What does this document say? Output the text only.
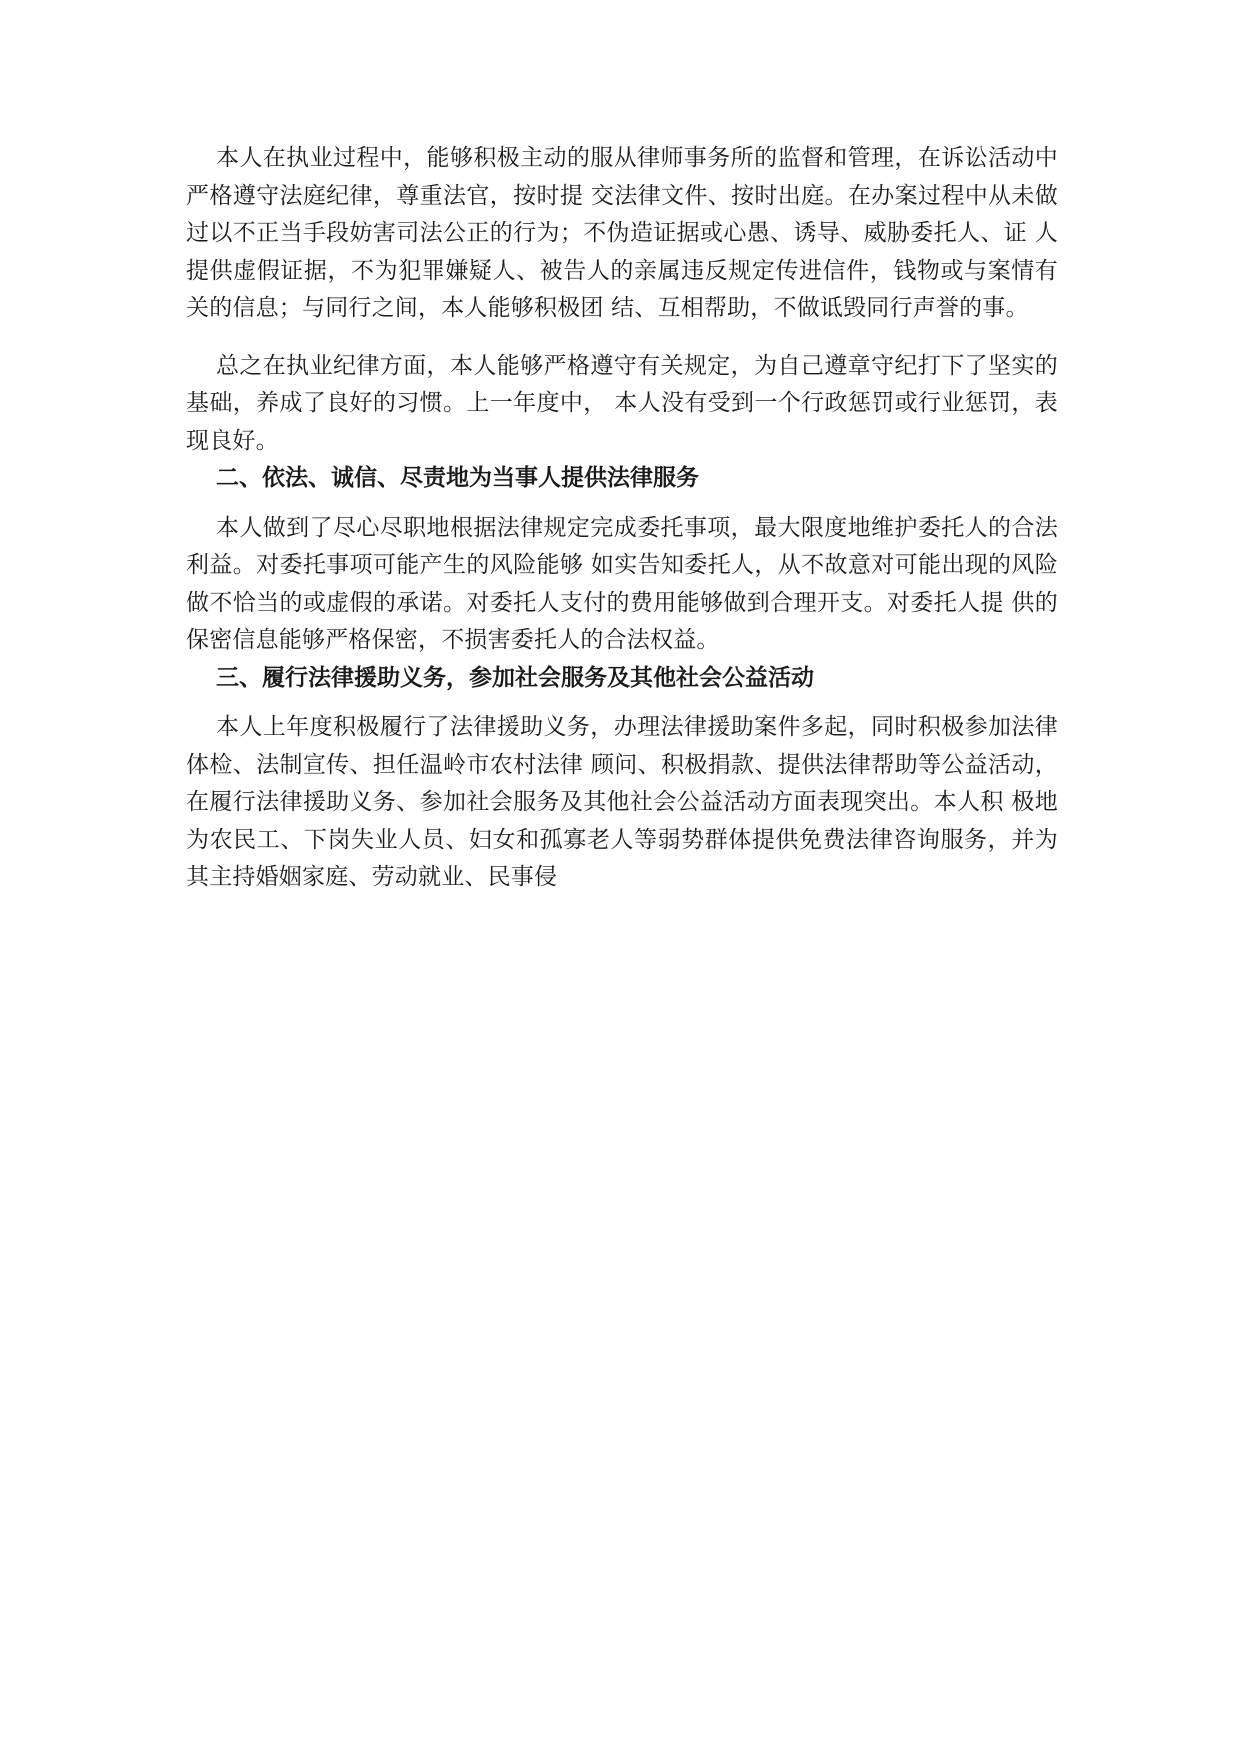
本人在执业过程中，能够积极主动的服从律师事务所的监督和管理，在诉讼活动中严格遵守法庭纪律，尊重法官，按时提 交法律文件、按时出庭。在办案过程中从未做过以不正当手段妨害司法公正的行为；不伪造证据或心愚、诱导、威胁委托人、证 人提供虚假证据，不为犯罪嫌疑人、被告人的亲属违反规定传进信件，钱物或与案情有关的信息；与同行之间，本人能够积极团 结、互相帮助，不做诋毁同行声誉的事。

总之在执业纪律方面，本人能够严格遵守有关规定，为自己遵章守纪打下了坚实的基础，养成了良好的习惯。上一年度中， 本人没有受到一个行政惩罚或行业惩罚，表现良好。

二、依法、诚信、尽责地为当事人提供法律服务

本人做到了尽心尽职地根据法律规定完成委托事项，最大限度地维护委托人的合法利益。对委托事项可能产生的风险能够 如实告知委托人，从不故意对可能出现的风险做不恰当的或虚假的承诺。对委托人支付的费用能够做到合理开支。对委托人提 供的保密信息能够严格保密，不损害委托人的合法权益。

三、履行法律援助义务，参加社会服务及其他社会公益活动

本人上年度积极履行了法律援助义务，办理法律援助案件多起，同时积极参加法律体检、法制宣传、担任温岭市农村法律 顾问、积极捐款、提供法律帮助等公益活动，在履行法律援助义务、参加社会服务及其他社会公益活动方面表现突出。本人积 极地为农民工、下岗失业人员、妇女和孤寡老人等弱势群体提供免费法律咨询服务，并为其主持婚姻家庭、劳动就业、民事侵
